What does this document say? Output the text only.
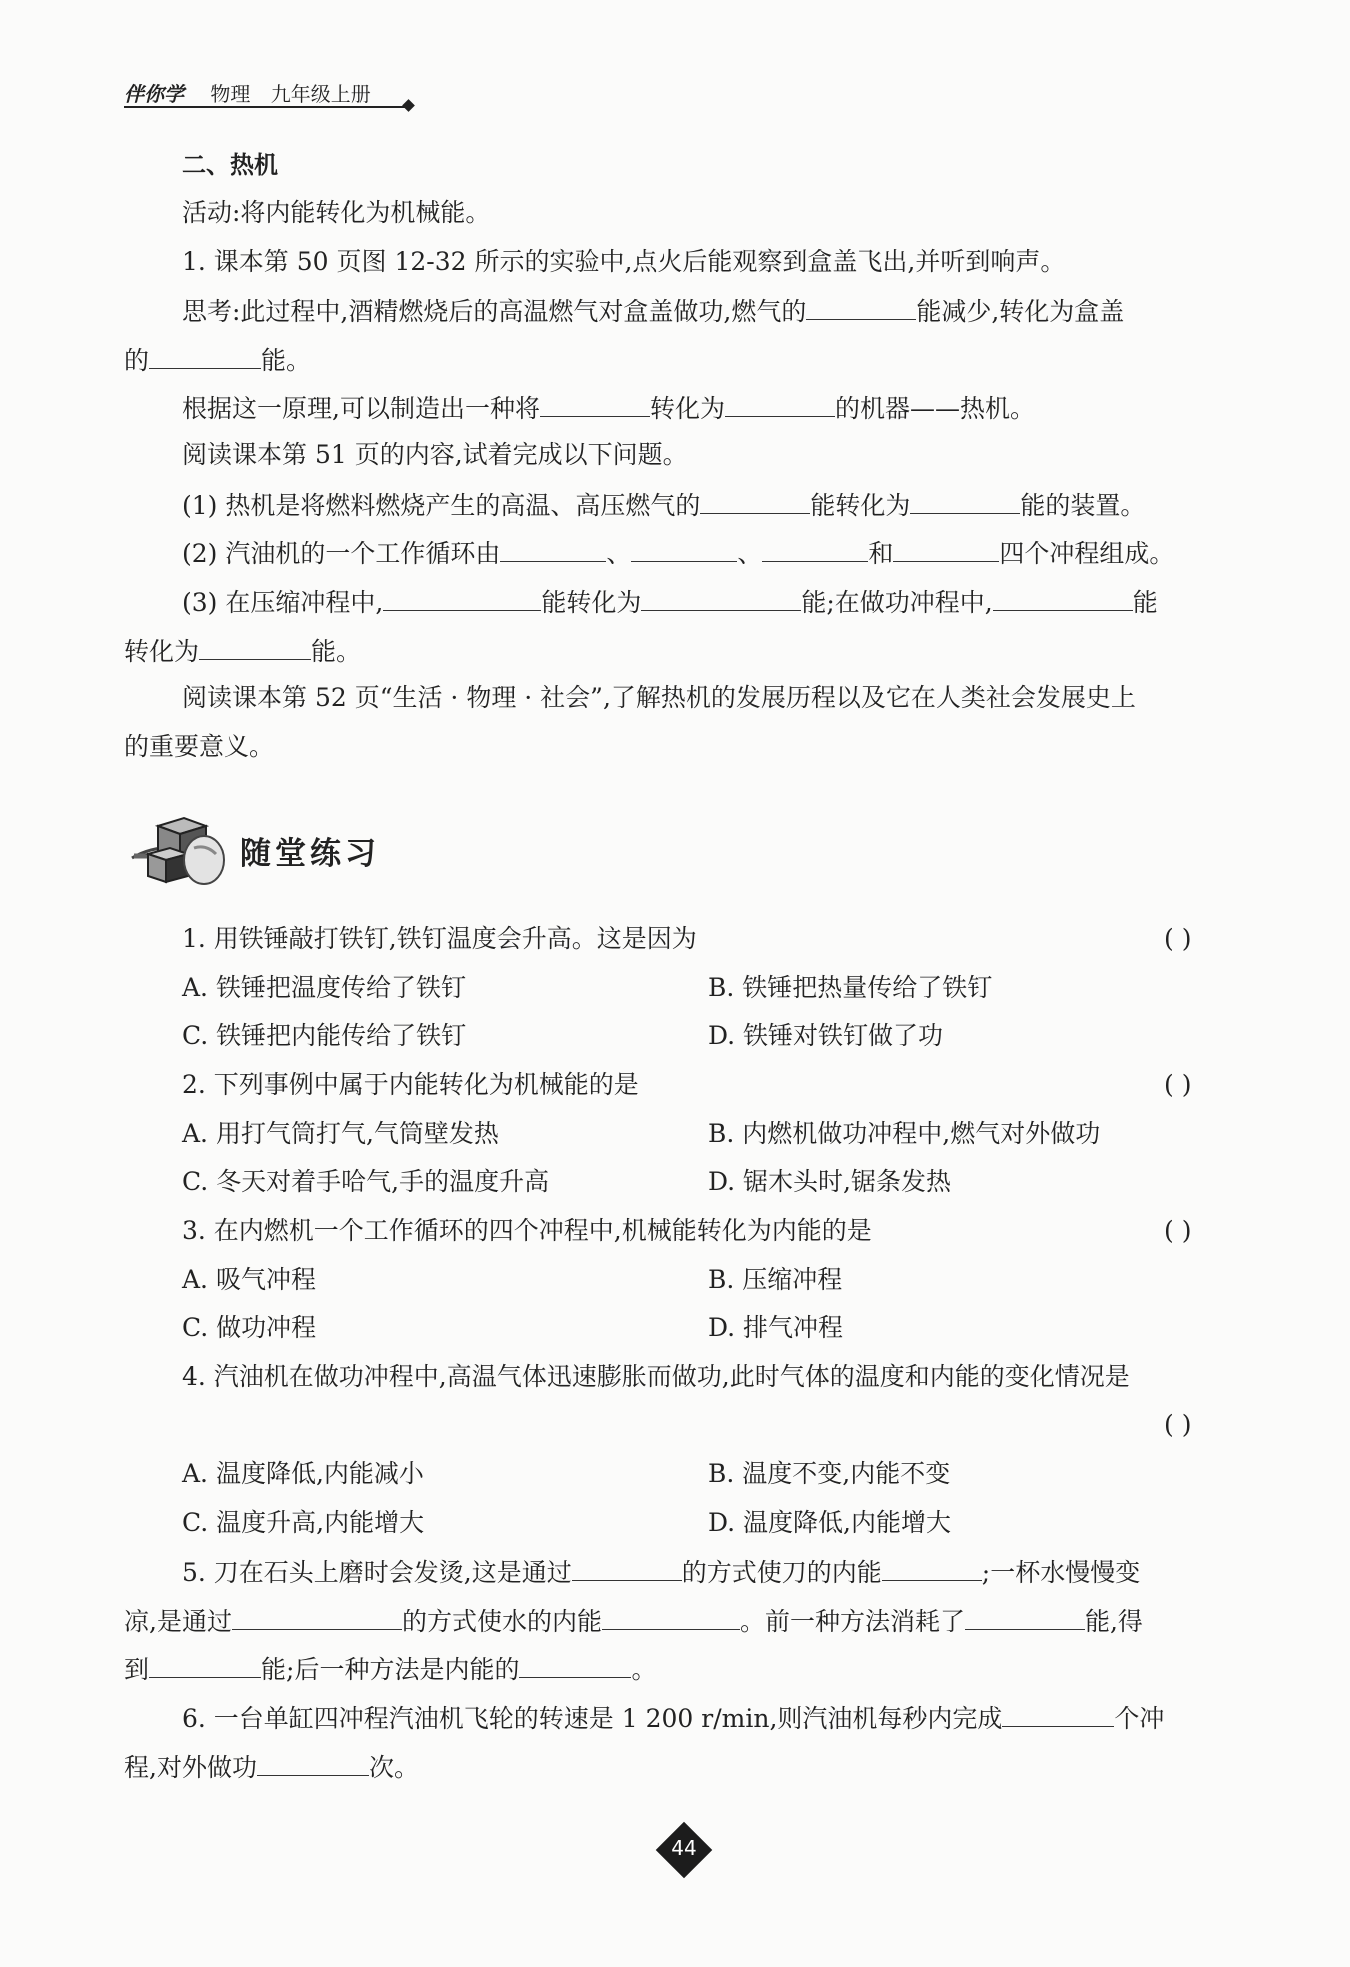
伴你学 物理 九年级上册
二、热机
活动:将内能转化为机械能。
1. 课本第 50 页图 12-32 所示的实验中,点火后能观察到盒盖飞出,并听到响声。
思考:此过程中,酒精燃烧后的高温燃气对盒盖做功,燃气的	能减少,转化为盒盖
的	能。
根据这一原理,可以制造出一种将	转化为	的机器——热机。
阅读课本第 51 页的内容,试着完成以下问题。
(1) 热机是将燃料燃烧产生的高温、高压燃气的	能转化为	能的装置。
(2) 汽油机的一个工作循环由	、	、	和	四个冲程组成。
(3) 在压缩冲程中,	能转化为	能;在做功冲程中,	能
转化为	能。
阅读课本第 52 页“生活 · 物理 · 社会”,了解热机的发展历程以及它在人类社会发展史上
的重要意义。
随堂练习
1. 用铁锤敲打铁钉,铁钉温度会升高。这是因为	( )
A. 铁锤把温度传给了铁钉	B. 铁锤把热量传给了铁钉
C. 铁锤把内能传给了铁钉	D. 铁锤对铁钉做了功
2. 下列事例中属于内能转化为机械能的是	( )
A. 用打气筒打气,气筒壁发热	B. 内燃机做功冲程中,燃气对外做功
C. 冬天对着手哈气,手的温度升高	D. 锯木头时,锯条发热
3. 在内燃机一个工作循环的四个冲程中,机械能转化为内能的是	( )
A. 吸气冲程	B. 压缩冲程
C. 做功冲程	D. 排气冲程
4. 汽油机在做功冲程中,高温气体迅速膨胀而做功,此时气体的温度和内能的变化情况是
( )
A. 温度降低,内能减小	B. 温度不变,内能不变
C. 温度升高,内能增大	D. 温度降低,内能增大
5. 刀在石头上磨时会发烫,这是通过	的方式使刀的内能	;一杯水慢慢变
凉,是通过	的方式使水的内能	。前一种方法消耗了	能,得
到	能;后一种方法是内能的	。
6. 一台单缸四冲程汽油机飞轮的转速是 1 200 r/min,则汽油机每秒内完成	个冲
程,对外做功	次。
44
